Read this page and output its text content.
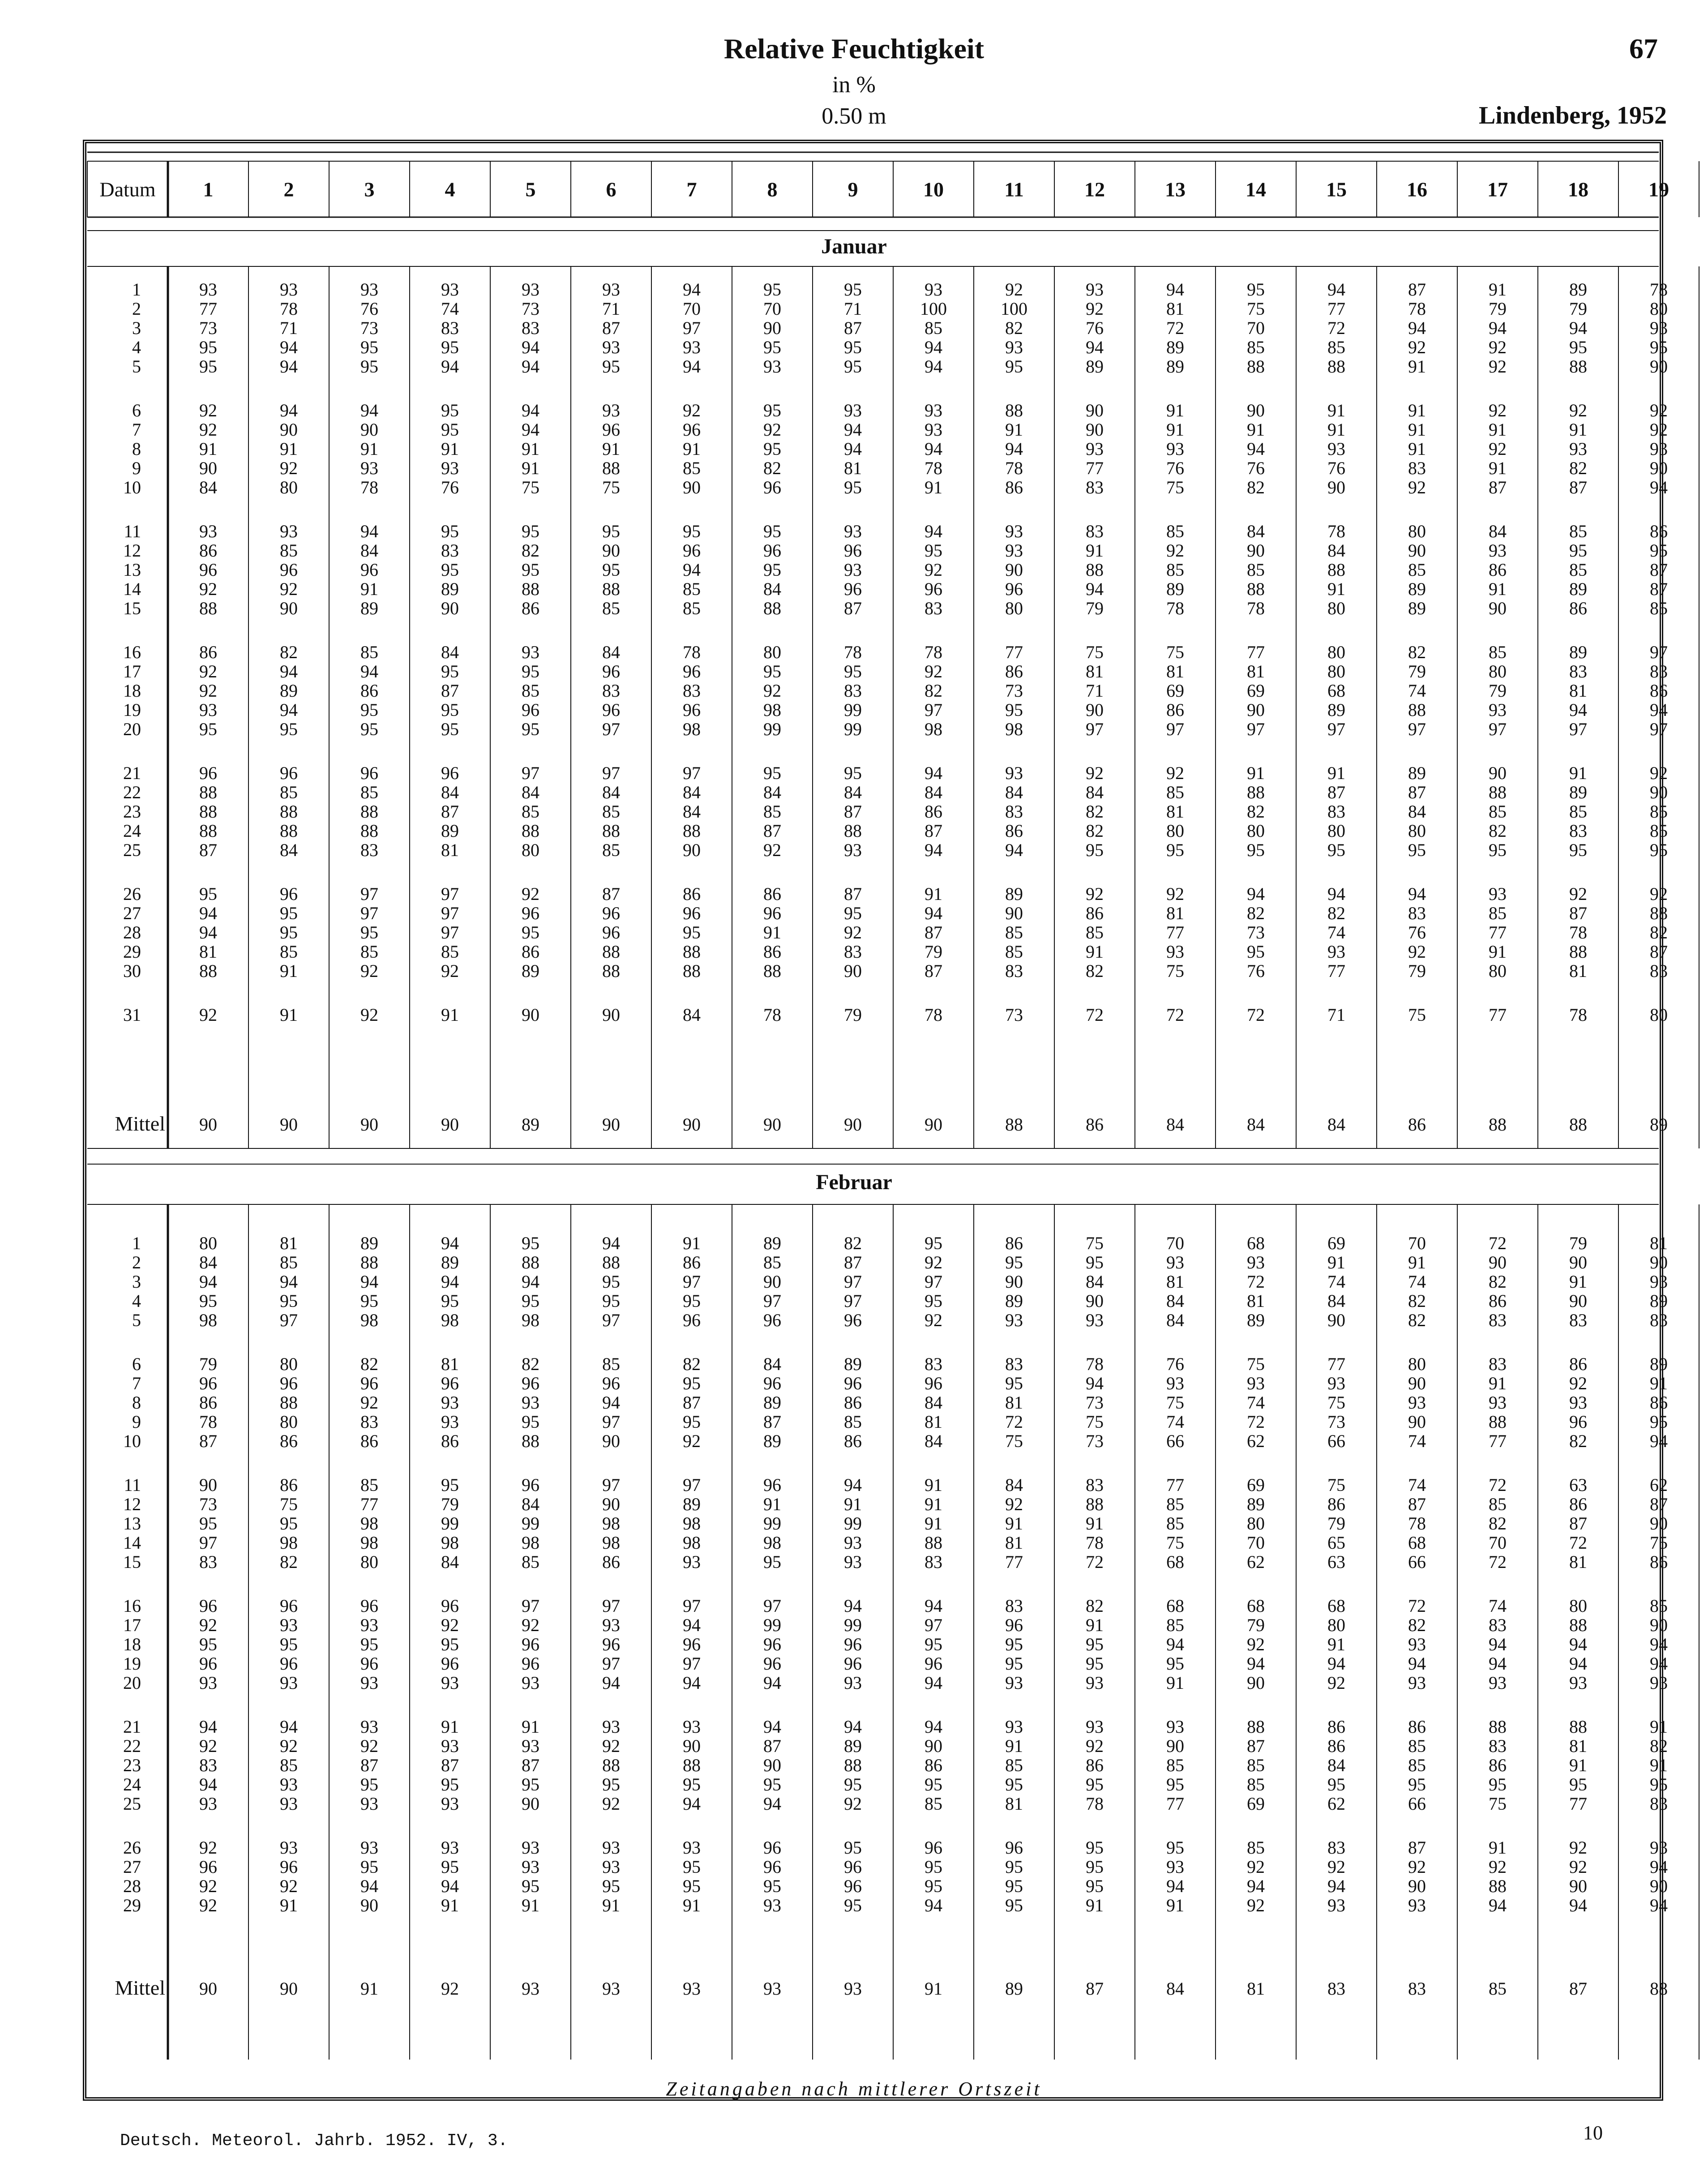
Relative Feuchtigkeit	67
in %
0.50 m	Lindenberg, 1952
Datum 1	2	3	4	5	6	7	8	9	10	11	12	13	14	15	16	17	18	19
Januar
1	93	93	93	93	93	93	94	95	95	93	92	93	94	95	94	87	91	89	78
2	77	78	76	74	73	71	70	70	71	100	100	92	81	75	77	78	79	79	80
3	73	71	73	83	83	87	97	90	87	85	82	76	72	70	72	94	94	94	93
4	95	94	95	95	94	93	93	95	95	94	93	94	89	85	85	92	92	95	95
5	95	94	95	94	94	95	94	93	95	94	95	89	89	88	88	91	92	88	90
6	92	94	94	95	94	93	92	95	93	93	88	90	91	90	91	91	92	92	92
7	92	90	90	95	94	96	96	92	94	93	91	90	91	91	91	91	91	91	92
8	91	91	91	91	91	91	91	95	94	94	94	93	93	94	93	91	92	93	93
9	90	92	93	93	91	88	85	82	81	78	78	77	76	76	76	83	91	82	90
10	84	80	78	76	75	75	90	96	95	91	86	83	75	82	90	92	87	87	94
11	93	93	94	95	95	95	95	95	93	94	93	83	85	84	78	80	84	85	86
12	86	85	84	83	82	90	96	96	96	95	93	91	92	90	84	90	93	95	95
13	96	96	96	95	95	95	94	95	93	92	90	88	85	85	88	85	86	85	87
14	92	92	91	89	88	88	85	84	96	96	96	94	89	88	91	89	91	89	87
15	88	90	89	90	86	85	85	88	87	83	80	79	78	78	80	89	90	86	85
16	86	82	85	84	93	84	78	80	78	78	77	75	75	77	80	82	85	89	97
17	92	94	94	95	95	96	96	95	95	92	86	81	81	81	80	79	80	83	83
18	92	89	86	87	85	83	83	92	83	82	73	71	69	69	68	74	79	81	86
19	93	94	95	95	96	96	96	98	99	97	95	90	86	90	89	88	93	94	94
20	95	95	95	95	95	97	98	99	99	98	98	97	97	97	97	97	97	97	97
21	96	96	96	96	97	97	97	95	95	94	93	92	92	91	91	89	90	91	92
22	88	85	85	84	84	84	84	84	84	84	84	84	85	88	87	87	88	89	90
23	88	88	88	87	85	85	84	85	87	86	83	82	81	82	83	84	85	85	85
24	88	88	88	89	88	88	88	87	88	87	86	82	80	80	80	80	82	83	85
25	87	84	83	81	80	85	90	92	93	94	94	95	95	95	95	95	95	95	95
26	95	96	97	97	92	87	86	86	87	91	89	92	92	94	94	94	93	92	92
27	94	95	97	97	96	96	96	96	95	94	90	86	81	82	82	83	85	87	88
28	94	95	95	97	95	96	95	91	92	87	85	85	77	73	74	76	77	78	82
29	81	85	85	85	86	88	88	86	83	79	85	91	93	95	93	92	91	88	87
30	88	91	92	92	89	88	88	88	90	87	83	82	75	76	77	79	80	81	83
31	92	91	92	91	90	90	84	78	79	78	73	72	72	72	71	75	77	78	80
Mittel 90	90	90	90	89	90	90	90	90	90	88	86	84	84	84	86	88	88	89
Februar
1	80	81	89	94	95	94	91	89	82	95	86	75	70	68	69	70	72	79	81
2	84	85	88	89	88	88	86	85	87	92	95	95	93	93	91	91	90	90	90
3	94	94	94	94	94	95	97	90	97	97	90	84	81	72	74	74	82	91	93
4	95	95	95	95	95	95	95	97	97	95	89	90	84	81	84	82	86	90	89
5	98	97	98	98	98	97	96	96	96	92	93	93	84	89	90	82	83	83	83
6	79	80	82	81	82	85	82	84	89	83	83	78	76	75	77	80	83	86	89
7	96	96	96	96	96	96	95	96	96	96	95	94	93	93	93	90	91	92	91
8	86	88	92	93	93	94	87	89	86	84	81	73	75	74	75	93	93	93	86
9	78	80	83	93	95	97	95	87	85	81	72	75	74	72	73	90	88	96	95
10	87	86	86	86	88	90	92	89	86	84	75	73	66	62	66	74	77	82	94
11	90	86	85	95	96	97	97	96	94	91	84	83	77	69	75	74	72	63	62
12	73	75	77	79	84	90	89	91	91	91	92	88	85	89	86	87	85	86	87
13	95	95	98	99	99	98	98	99	99	91	91	91	85	80	79	78	82	87	90
14	97	98	98	98	98	98	98	98	93	88	81	78	75	70	65	68	70	72	75
15	83	82	80	84	85	86	93	95	93	83	77	72	68	62	63	66	72	81	86
16	96	96	96	96	97	97	97	97	94	94	83	82	68	68	68	72	74	80	85
17	92	93	93	92	92	93	94	99	99	97	96	91	85	79	80	82	83	88	90
18	95	95	95	95	96	96	96	96	96	95	95	95	94	92	91	93	94	94	94
19	96	96	96	96	96	97	97	96	96	96	95	95	95	94	94	94	94	94	94
20	93	93	93	93	93	94	94	94	93	94	93	93	91	90	92	93	93	93	93
21	94	94	93	91	91	93	93	94	94	94	93	93	93	88	86	86	88	88	91
22	92	92	92	93	93	92	90	87	89	90	91	92	90	87	86	85	83	81	82
23	83	85	87	87	87	88	88	90	88	86	85	86	85	85	84	85	86	91	91
24	94	93	95	95	95	95	95	95	95	95	95	95	95	85	95	95	95	95	95
25	93	93	93	93	90	92	94	94	92	85	81	78	77	69	62	66	75	77	83
26	92	93	93	93	93	93	93	96	95	96	96	95	95	85	83	87	91	92	93
27	96	96	95	95	93	93	95	96	96	95	95	95	93	92	92	92	92	92	94
28	92	92	94	94	95	95	95	95	96	95	95	95	94	94	94	90	88	90	90
29	92	91	90	91	91	91	91	93	95	94	95	91	91	92	93	93	94	94	94
Mittel 90	90	91	92	93	93	93	93	93	91	89	87	84	81	83	83	85	87	88
Zeitangaben nach mittlerer Ortszeit
Deutsch. Meteorol. Jahrb. 1952. IV, 3.	10
